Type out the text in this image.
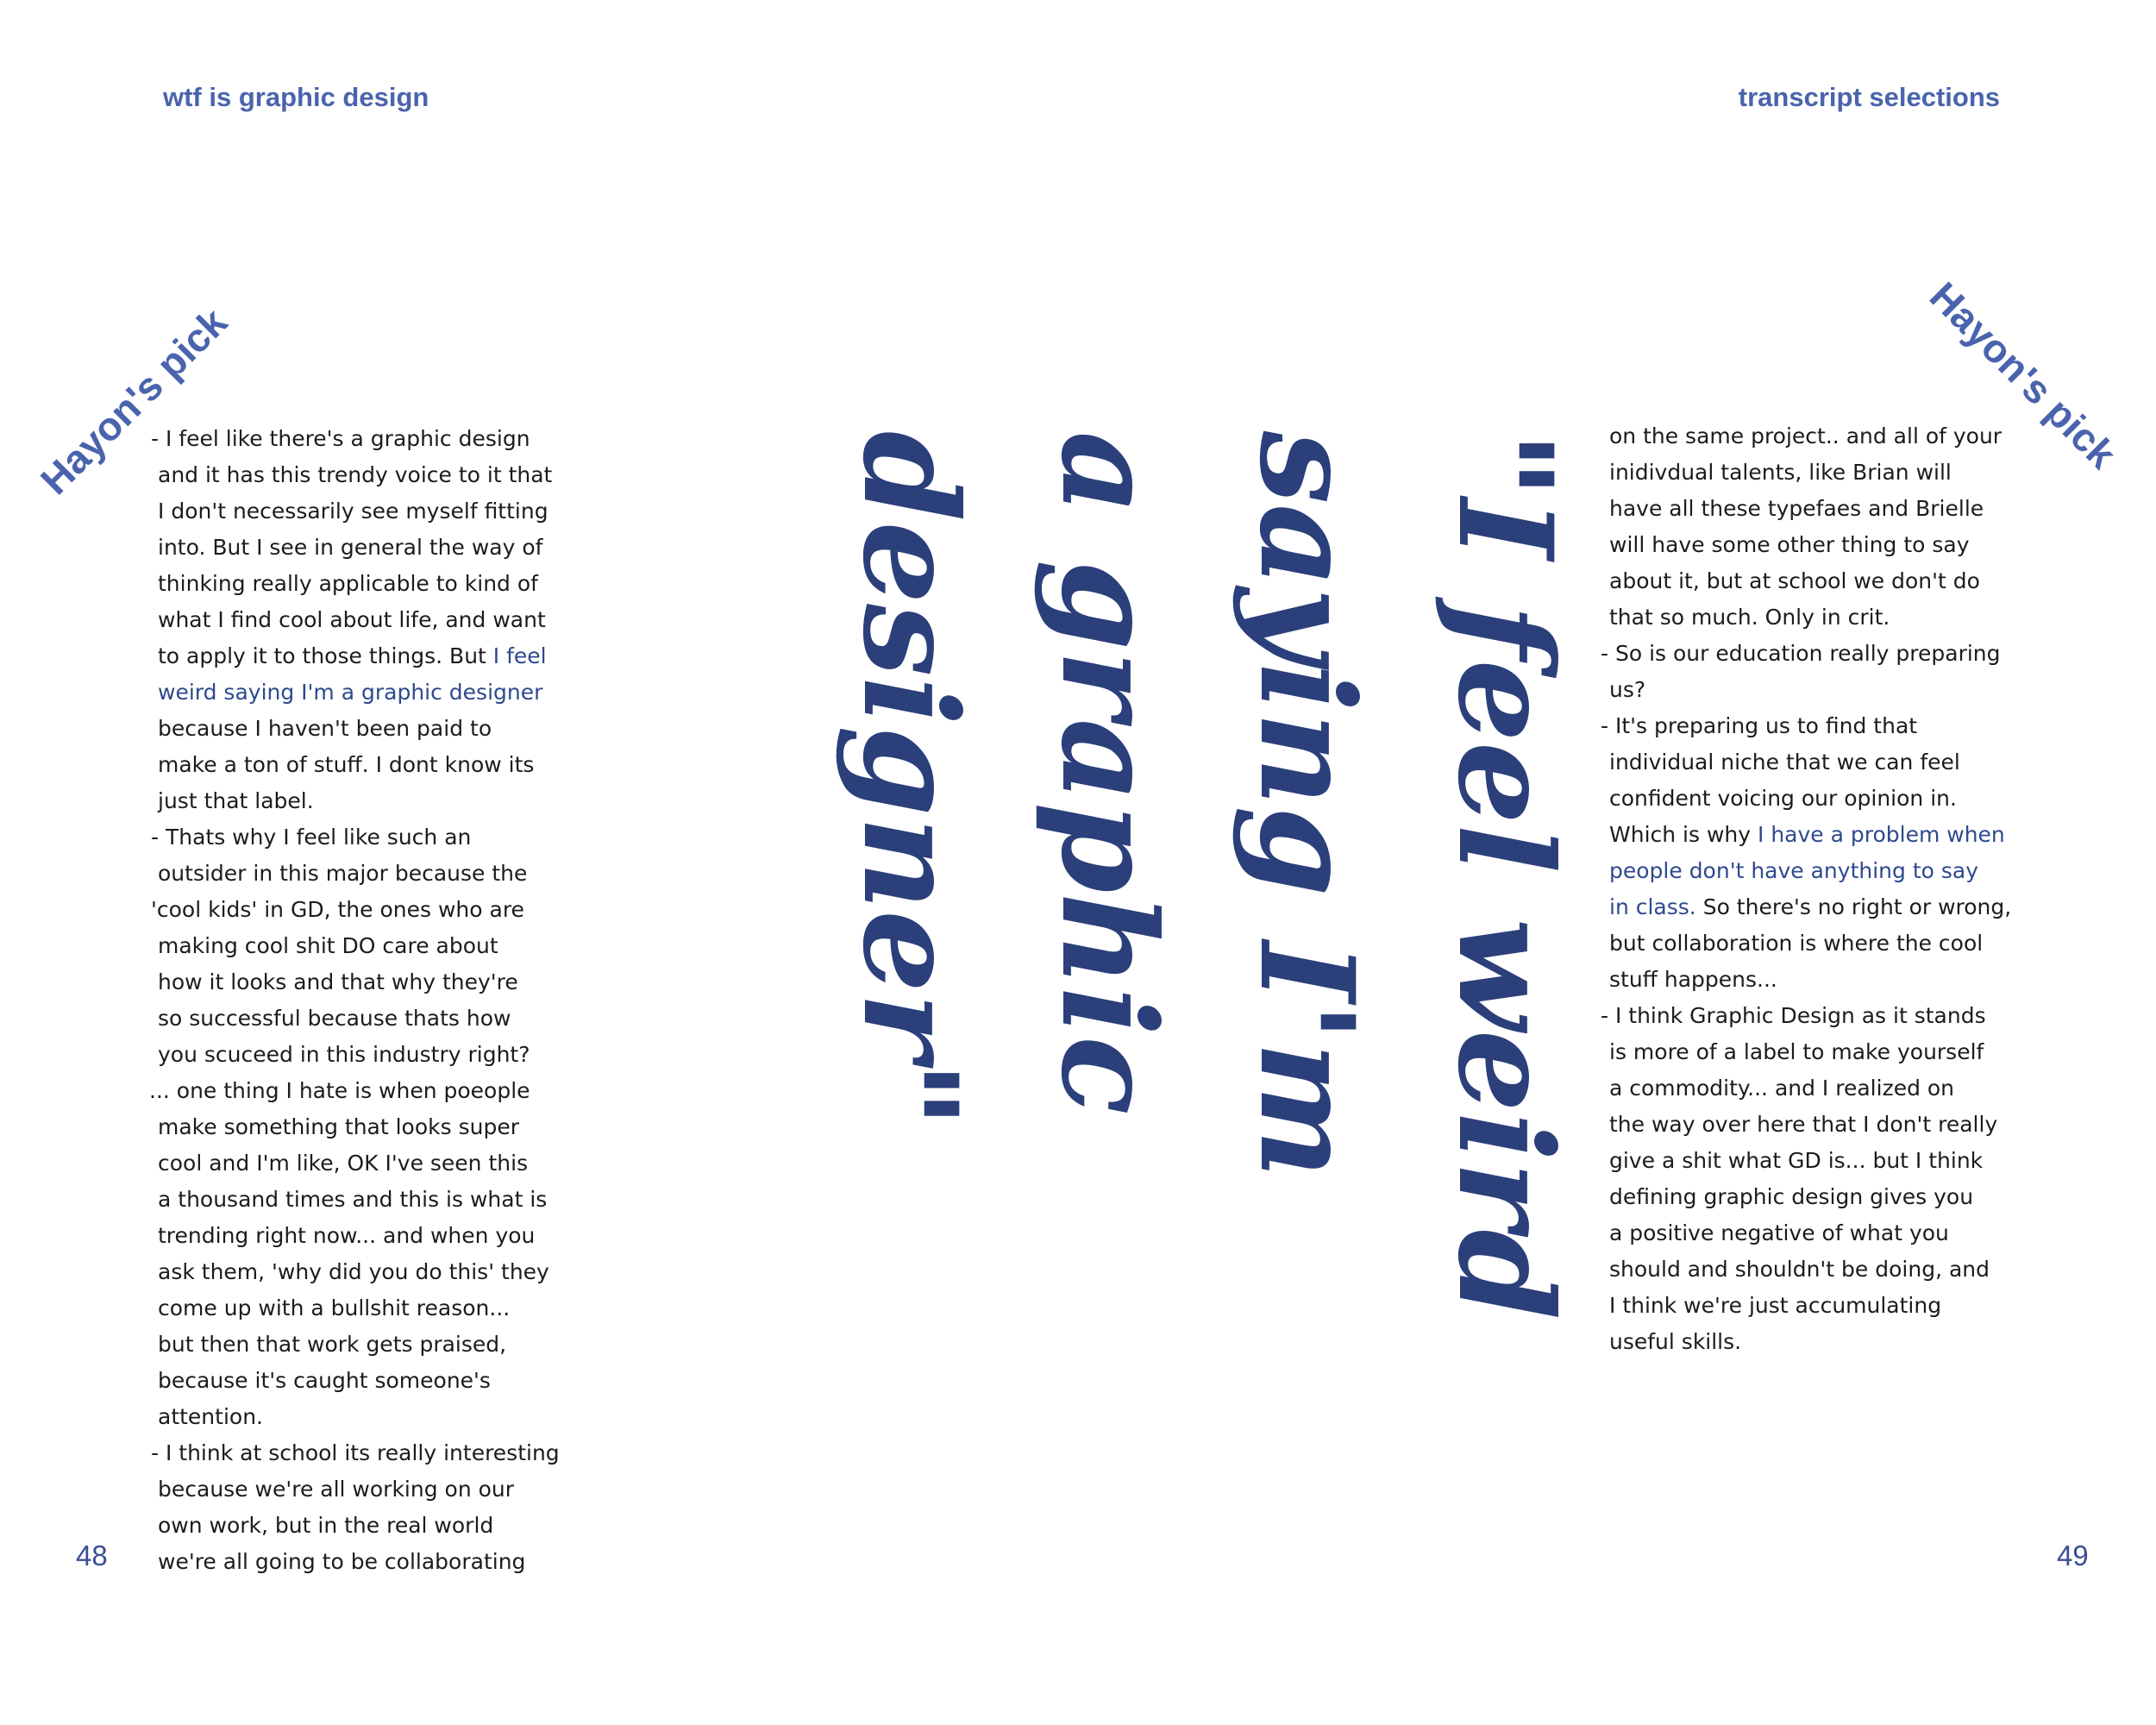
wtf is graphic design	transcript selections
Hayon's pick	Hayon's pick
- I feel like there's a graphic design
and it has this trendy voice to it that
I don't necessarily see myself fitting
into. But I see in general the way of
thinking really applicable to kind of
what I find cool about life, and want
to apply it to those things. But I feel
weird saying I'm a graphic designer
because I haven't been paid to
make a ton of stuff. I dont know its
just that label.
- Thats why I feel like such an
outsider in this major because the
'cool kids' in GD, the ones who are
making cool shit DO care about
how it looks and that why they're
so successful because thats how
you scuceed in this industry right?
... one thing I hate is when poeople
make something that looks super
cool and I'm like, OK I've seen this
a thousand times and this is what is
trending right now... and when you
ask them, 'why did you do this' they
come up with a bullshit reason...
but then that work gets praised,
because it's caught someone's
attention.
- I think at school its really interesting
because we're all working on our
own work, but in the real world
we're all going to be collaborating
"I feel weird
saying I'm
a graphic
designer"	on the same project.. and all of your
inidivdual talents, like Brian will
have all these typefaes and Brielle
will have some other thing to say
about it, but at school we don't do
that so much. Only in crit.
- So is our education really preparing
us?
- It's preparing us to find that
individual niche that we can feel
confident voicing our opinion in.
Which is why I have a problem when
people don't have anything to say
in class. So there's no right or wrong,
but collaboration is where the cool
stuff happens...
- I think Graphic Design as it stands
is more of a label to make yourself
a commodity... and I realized on
the way over here that I don't really
give a shit what GD is... but I think
defining graphic design gives you
a positive negative of what you
should and shouldn't be doing, and
I think we're just accumulating
useful skills.
48	49
